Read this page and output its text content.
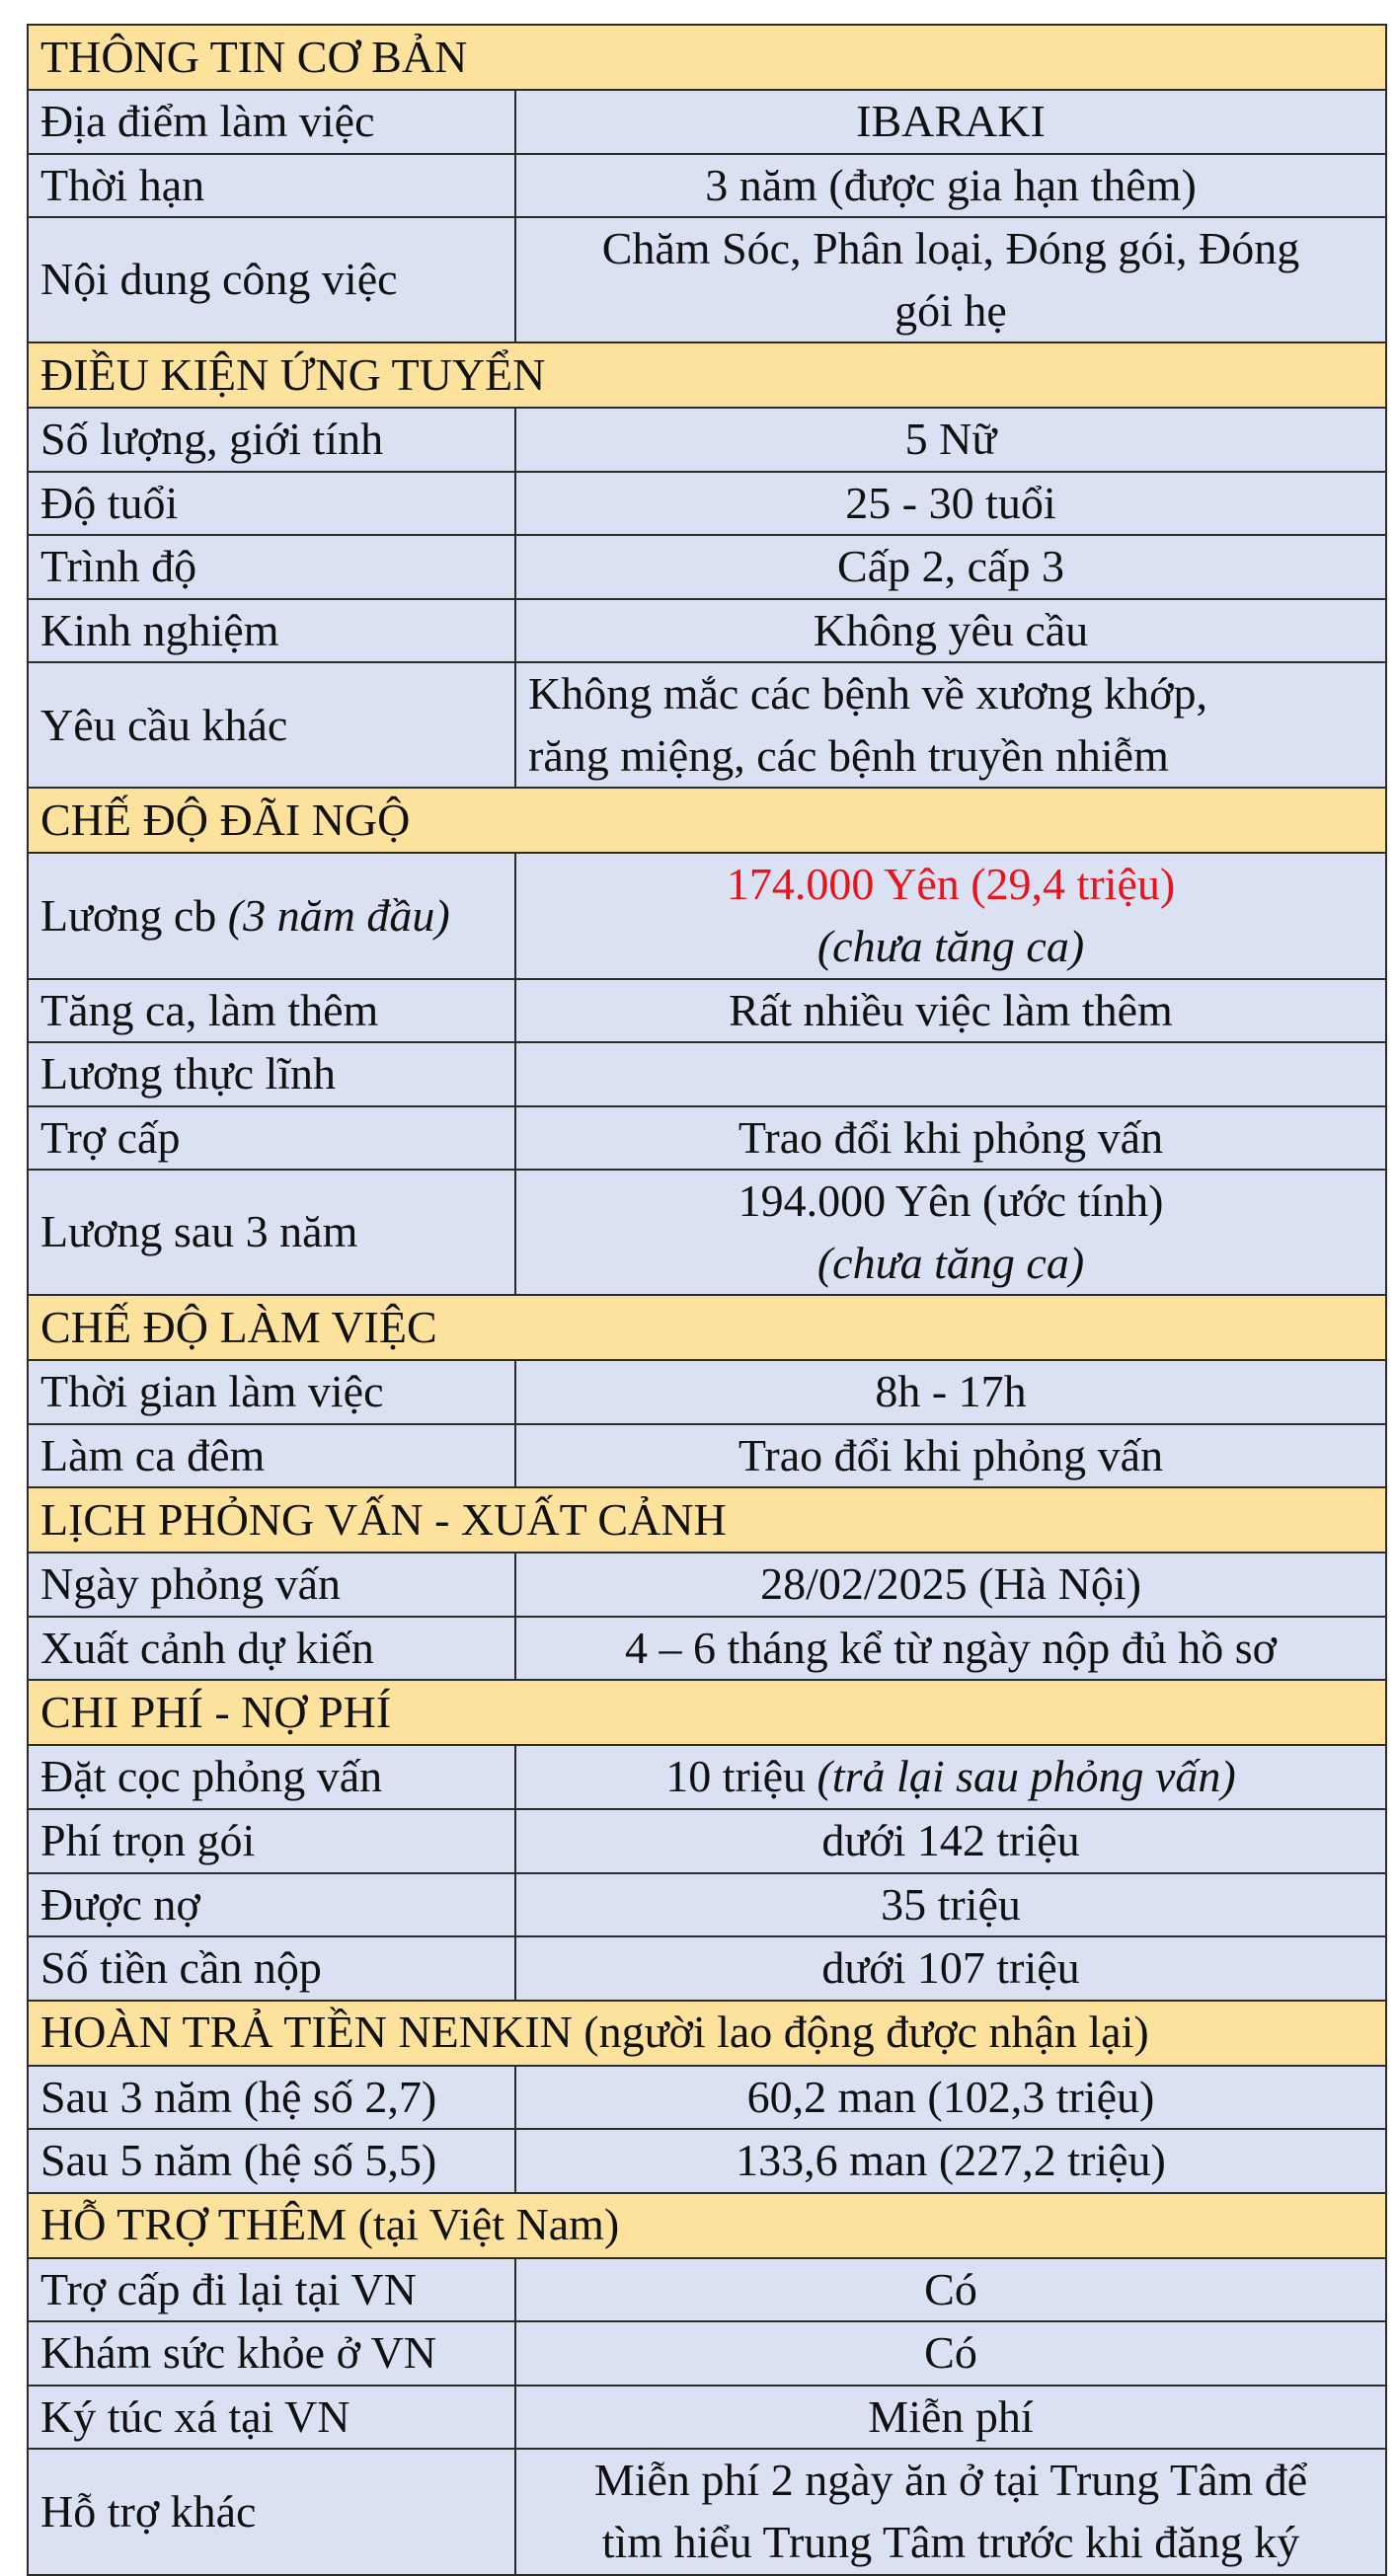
THÔNG TIN CƠ BẢN	
Địa điểm làm việc	IBARAKI
Thời hạn	3 năm (được gia hạn thêm)
Nội dung công việc	Chăm Sóc, Phân loại, Đóng gói, Đóng
gói hẹ

ĐIỀU KIỆN ỨNG TUYỂN	
Số lượng, giới tính	5 Nữ
Độ tuổi	25 - 30 tuổi
Trình độ	Cấp 2, cấp 3
Kinh nghiệm	Không yêu cầu
Yêu cầu khác	Không mắc các bệnh về xương khớp,
răng miệng, các bệnh truyền nhiễm

CHẾ ĐỘ ĐÃI NGỘ	
Lương cb (3 năm đầu)	174.000 Yên (29,4 triệu)
(chưa tăng ca)

Tăng ca, làm thêm	Rất nhiều việc làm thêm
Lương thực lĩnh	
Trợ cấp	Trao đổi khi phỏng vấn
Lương sau 3 năm	194.000 Yên (ước tính)
(chưa tăng ca)

CHẾ ĐỘ LÀM VIỆC	
Thời gian làm việc	8h - 17h
Làm ca đêm	Trao đổi khi phỏng vấn
LỊCH PHỎNG VẤN - XUẤT CẢNH	
Ngày phỏng vấn	28/02/2025 (Hà Nội)
Xuất cảnh dự kiến	4 – 6 tháng kể từ ngày nộp đủ hồ sơ
CHI PHÍ - NỢ PHÍ	
Đặt cọc phỏng vấn	10 triệu (trả lại sau phỏng vấn)
Phí trọn gói	dưới 142 triệu
Được nợ	35 triệu
Số tiền cần nộp	dưới 107 triệu
HOÀN TRẢ TIỀN NENKIN (người lao động được nhận lại)	
Sau 3 năm (hệ số 2,7)	60,2 man (102,3 triệu)
Sau 5 năm (hệ số 5,5)	133,6 man (227,2 triệu)
HỖ TRỢ THÊM (tại Việt Nam)	
Trợ cấp đi lại tại VN	Có
Khám sức khỏe ở VN	Có
Ký túc xá tại VN	Miễn phí
Hỗ trợ khác	Miễn phí 2 ngày ăn ở tại Trung Tâm để
tìm hiểu Trung Tâm trước khi đăng ký
